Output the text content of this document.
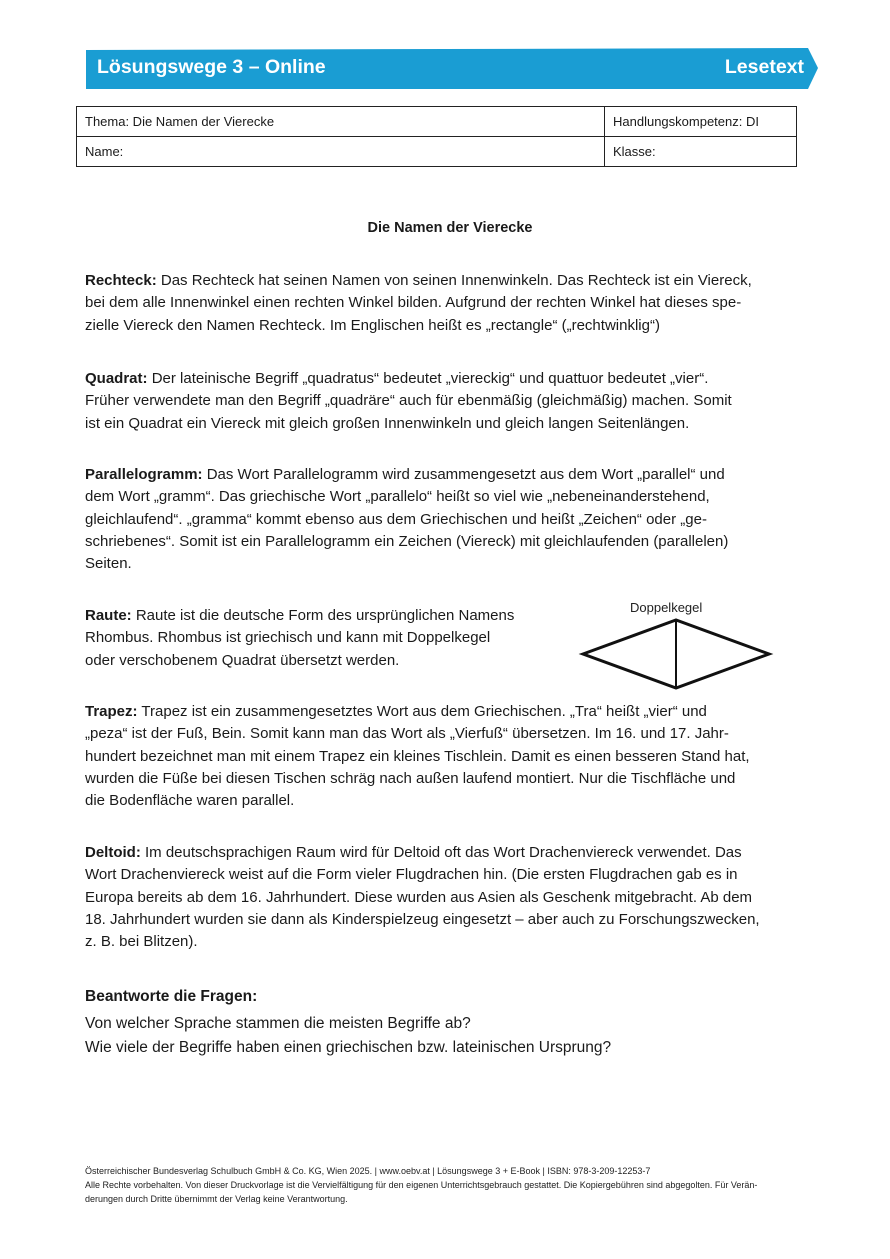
Lösungswege 3 – Online	Lesetext
Thema: Die Namen der Vierecke	Handlungskompetenz: DI
Name:	Klasse:
Die Namen der Vierecke
Rechteck: Das Rechteck hat seinen Namen von seinen Innenwinkeln. Das Rechteck ist ein Viereck,
bei dem alle Innenwinkel einen rechten Winkel bilden. Aufgrund der rechten Winkel hat dieses spe-
zielle Viereck den Namen Rechteck. Im Englischen heißt es „rectangle“ („rechtwinklig“)
Quadrat: Der lateinische Begriff „quadratus“ bedeutet „viereckig“ und quattuor bedeutet „vier“.
Früher verwendete man den Begriff „quadräre“ auch für ebenmäßig (gleichmäßig) machen. Somit
ist ein Quadrat ein Viereck mit gleich großen Innenwinkeln und gleich langen Seitenlängen.
Parallelogramm: Das Wort Parallelogramm wird zusammengesetzt aus dem Wort „parallel“ und
dem Wort „gramm“. Das griechische Wort „parallelo“ heißt so viel wie „nebeneinanderstehend,
gleichlaufend“. „gramma“ kommt ebenso aus dem Griechischen und heißt „Zeichen“ oder „ge-
schriebenes“. Somit ist ein Parallelogramm ein Zeichen (Viereck) mit gleichlaufenden (parallelen)
Seiten.
Raute: Raute ist die deutsche Form des ursprünglichen Namens
Rhombus. Rhombus ist griechisch und kann mit Doppelkegel
oder verschobenem Quadrat übersetzt werden.
Doppelkegel
Trapez: Trapez ist ein zusammengesetztes Wort aus dem Griechischen. „Tra“ heißt „vier“ und
„peza“ ist der Fuß, Bein. Somit kann man das Wort als „Vierfuß“ übersetzen. Im 16. und 17. Jahr-
hundert bezeichnet man mit einem Trapez ein kleines Tischlein. Damit es einen besseren Stand hat,
wurden die Füße bei diesen Tischen schräg nach außen laufend montiert. Nur die Tischfläche und
die Bodenfläche waren parallel.
Deltoid: Im deutschsprachigen Raum wird für Deltoid oft das Wort Drachenviereck verwendet. Das
Wort Drachenviereck weist auf die Form vieler Flugdrachen hin. (Die ersten Flugdrachen gab es in
Europa bereits ab dem 16. Jahrhundert. Diese wurden aus Asien als Geschenk mitgebracht. Ab dem
18. Jahrhundert wurden sie dann als Kinderspielzeug eingesetzt – aber auch zu Forschungszwecken,
z. B. bei Blitzen).
Beantworte die Fragen:
Von welcher Sprache stammen die meisten Begriffe ab?
Wie viele der Begriffe haben einen griechischen bzw. lateinischen Ursprung?
Österreichischer Bundesverlag Schulbuch GmbH & Co. KG, Wien 2025. | www.oebv.at | Lösungswege 3 + E-Book | ISBN: 978-3-209-12253-7
Alle Rechte vorbehalten. Von dieser Druckvorlage ist die Vervielfältigung für den eigenen Unterrichtsgebrauch gestattet. Die Kopiergebühren sind abgegolten. Für Verän-
derungen durch Dritte übernimmt der Verlag keine Verantwortung.
